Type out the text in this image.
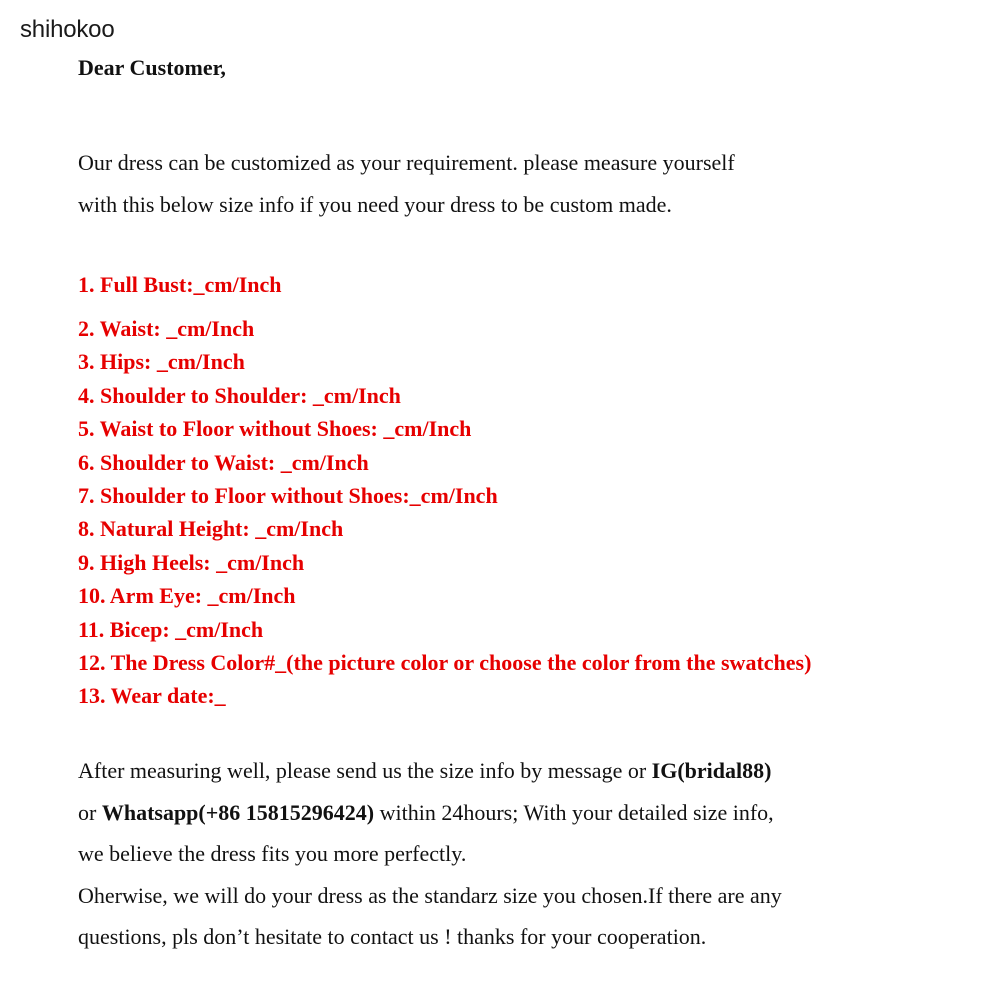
shihokoo
Dear Customer,
Our dress can be customized as your requirement. please measure yourself
with this below size info if you need your dress to be custom made.
1. Full Bust:_cm/Inch
2. Waist: _cm/Inch
3. Hips: _cm/Inch
4. Shoulder to Shoulder: _cm/Inch
5. Waist to Floor without Shoes: _cm/Inch
6. Shoulder to Waist: _cm/Inch
7. Shoulder to Floor without Shoes:_cm/Inch
8. Natural Height: _cm/Inch
9. High Heels: _cm/Inch
10. Arm Eye: _cm/Inch
11. Bicep: _cm/Inch
12. The Dress Color#_(the picture color or choose the color from the swatches)
13. Wear date:_
After measuring well, please send us the size info by message or IG(bridal88)
or Whatsapp(+86 15815296424) within 24hours; With your detailed size info,
we believe the dress fits you more perfectly.
Oherwise, we will do your dress as the standarz size you chosen.If there are any
questions, pls don’t hesitate to contact us ! thanks for your cooperation.
